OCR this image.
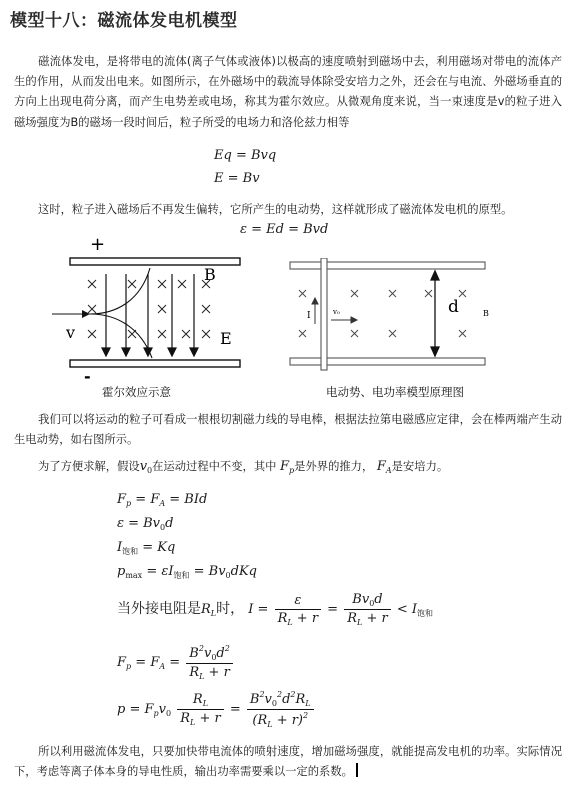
模型十八：磁流体发电机模型
磁流体发电，是将带电的流体(离子气体或液体)以极高的速度喷射到磁场中去，利用磁场对带电的流体产生的作用，从而发出电来。如图所示，在外磁场中的载流导体除受安培力之外，还会在与电流、外磁场垂直的方向上出现电荷分离，而产生电势差或电场，称其为霍尔效应。从微观角度来说，当一束速度是v的粒子进入磁场强度为B的磁场一段时间后，粒子所受的电场力和洛伦兹力相等
Eq = Bvq
E = Bv
这时，粒子进入磁场后不再发生偏转，它所产生的电动势，这样就形成了磁流体发电机的原型。
ε = Ed = Bvd
+
-
B
v	E
霍尔效应示意
I	v₀	d	B
电动势、电功率模型原理图
我们可以将运动的粒子可看成一根根切割磁力线的导电棒，根据法拉第电磁感应定律，会在棒两端产生动生电动势，如右图所示。
为了方便求解，假设$v_0$在运动过程中不变，其中 $F_p$是外界的推力， $F_A$是安培力。
$F_p = F_A$ = BId
$\varepsilon = Bv_0d$
$I_{饱和} = Kq$
$p_{max} = \varepsilon I_{饱和} = Bv_0dKq$
当外接电阻是$R_L$时， $I = \frac{\varepsilon}{R_L + r} = \frac{Bv_0d}{R_L + r} < I_{饱和}$
$F_p = F_A = \frac{B^2v_0d^2}{R_L + r}$
$p = F_pv_0 \frac{R_L}{R_L + r} = \frac{B^2v_0^2d^2R_L}{(R_L + r)^2}$
所以利用磁流体发电，只要加快带电流体的喷射速度，增加磁场强度，就能提高发电机的功率。实际情况下，考虑等离子体本身的导电性质，输出功率需要乘以一定的系数。
